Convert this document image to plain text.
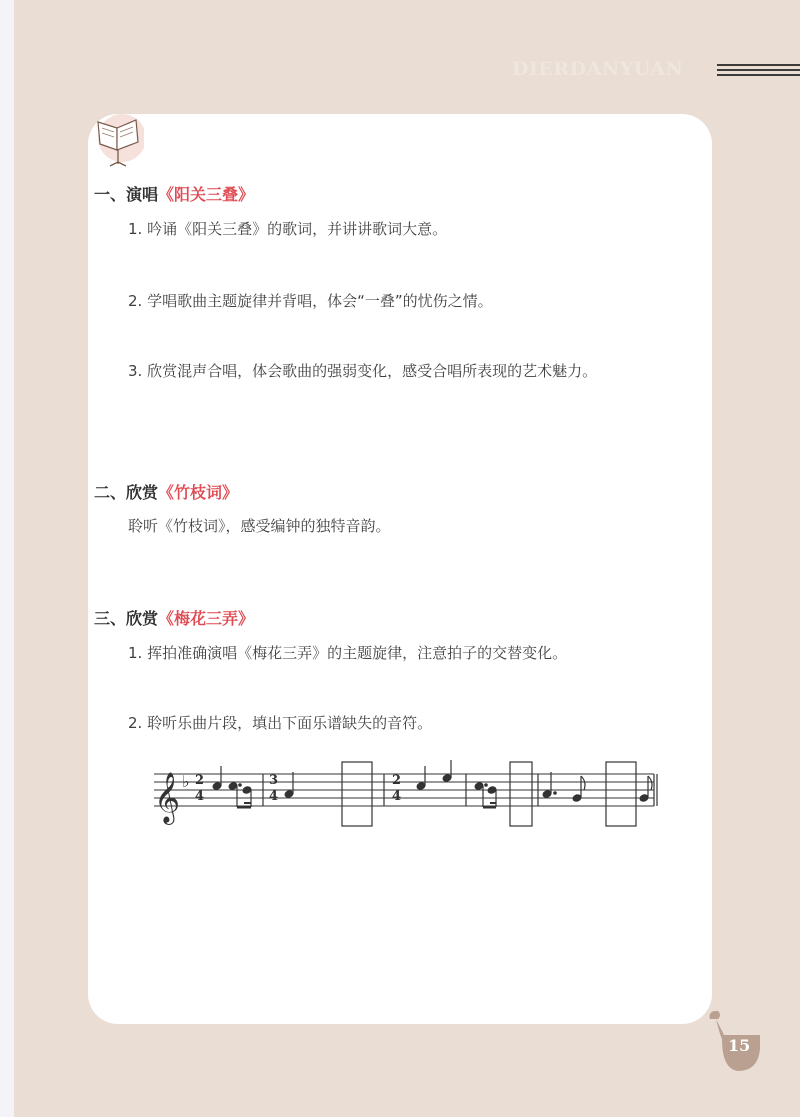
DIERDANYUAN
一、演唱《阳关三叠》
1. 吟诵《阳关三叠》的歌词，并讲讲歌词大意。
2. 学唱歌曲主题旋律并背唱，体会“一叠”的忧伤之情。
3. 欣赏混声合唱，体会歌曲的强弱变化，感受合唱所表现的艺术魅力。
二、欣赏《竹枝词》
聆听《竹枝词》，感受编钟的独特音韵。
三、欣赏《梅花三弄》
1. 挥拍准确演唱《梅花三弄》的主题旋律，注意拍子的交替变化。
2. 聆听乐曲片段，填出下面乐谱缺失的音符。
𝄞 ♭ 2
4
3
4
2
4
15
